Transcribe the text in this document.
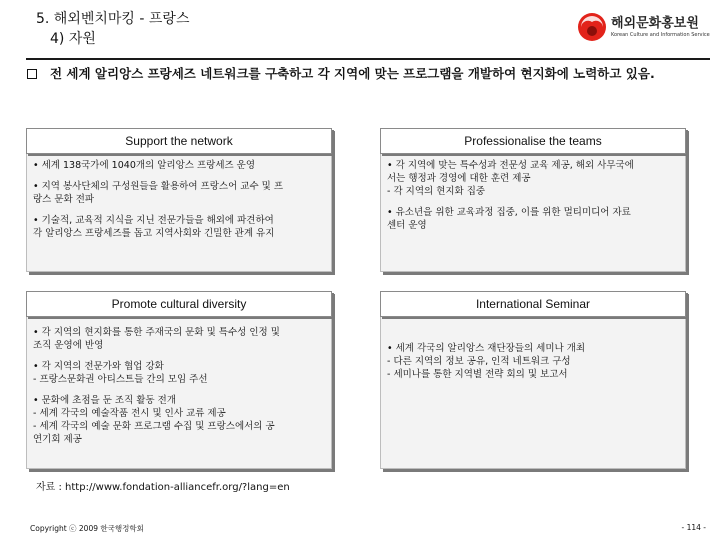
5. 해외벤치마킹 - 프랑스
4) 자원
해외문화홍보원
Korean Culture and Information Service
전 세계 알리앙스 프랑세즈 네트워크를 구축하고 각 지역에 맞는 프로그램을 개발하여 현지화에 노력하고 있음.
Support the network
• 세계 138국가에 1040개의 알리앙스 프랑세즈 운영
• 지역 봉사단체의 구성원들을 활용하여 프랑스어 교수 및 프
랑스 문화 전파
• 기술적, 교육적 지식을 지닌 전문가들을 해외에 파견하여
각 알리앙스 프랑세즈를 돕고 지역사회와 긴밀한 관계 유지
Professionalise the teams
• 각 지역에 맞는 특수성과 전문성 교육 제공, 해외 사무국에
서는 행정과 경영에 대한 훈련 제공
- 각 지역의 현지화 집중
• 유소년을 위한 교육과정 집중, 이를 위한 멀티미디어 자료
센터 운영
Promote cultural diversity
• 각 지역의 현지화를 통한 주재국의 문화 및 특수성 인정 및
조직 운영에 반영
• 각 지역의 전문가와 협업 강화
- 프랑스문화권 아티스트들 간의 모임 주선
• 문화에 초점을 둔 조직 활동 전개
- 세계 각국의 예술작품 전시 및 인사 교류 제공
- 세계 각국의 예술 문화 프로그램 수집 및 프랑스에서의 공
연기회 제공
International Seminar
• 세계 각국의 알리앙스 재단장들의 세미나 개최
- 다른 지역의 정보 공유, 인적 네트워크 구성
- 세미나를 통한 지역별 전략 회의 및 보고서
자료 : http://www.fondation-alliancefr.org/?lang=en
Copyright ⓒ 2009 한국행정학회	- 114 -
